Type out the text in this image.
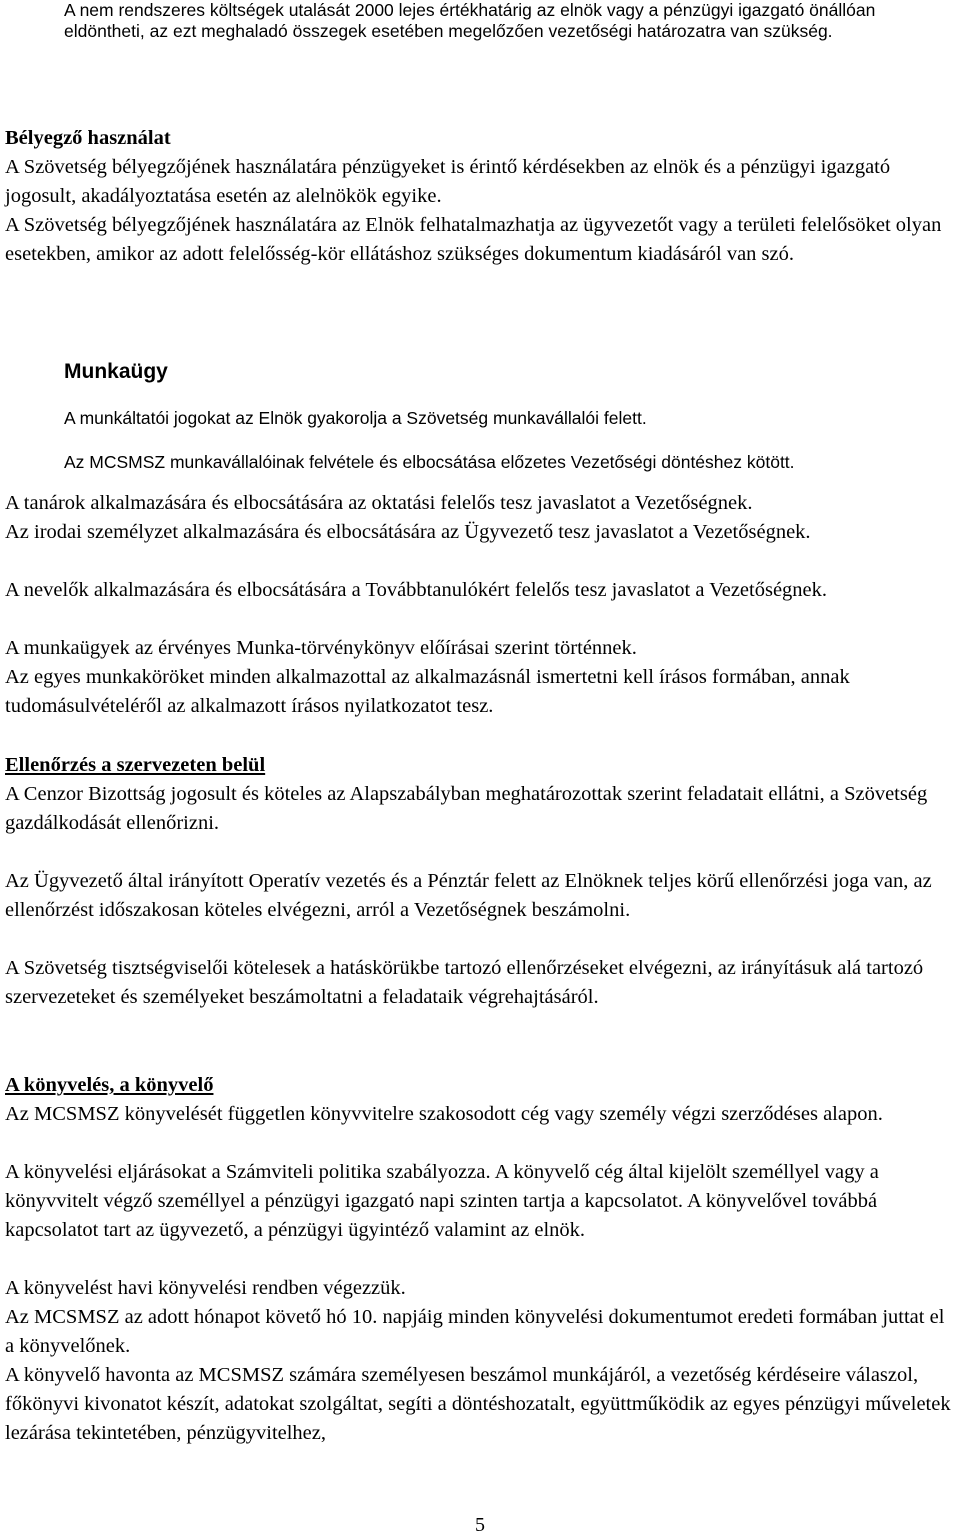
A nem rendszeres költségek utalását 2000 lejes értékhatárig az elnök vagy a pénzügyi igazgató önállóan eldöntheti, az ezt meghaladó összegek esetében megelőzően vezetőségi határozatra van szükség.
Bélyegző használat
A Szövetség bélyegzőjének használatára pénzügyeket is érintő kérdésekben az elnök és a pénzügyi igazgató jogosult, akadályoztatása esetén az alelnökök egyike.
A Szövetség bélyegzőjének használatára az Elnök felhatalmazhatja az ügyvezetőt vagy a területi felelősöket olyan esetekben, amikor az adott felelősség-kör ellátáshoz szükséges dokumentum kiadásáról van szó.
Munkaügy
A munkáltatói jogokat az Elnök gyakorolja a Szövetség munkavállalói felett.
Az MCSMSZ munkavállalóinak felvétele és elbocsátása előzetes Vezetőségi döntéshez kötött.
A tanárok alkalmazására és elbocsátására az oktatási felelős tesz javaslatot a Vezetőségnek.
Az irodai személyzet alkalmazására és elbocsátására az Ügyvezető tesz javaslatot a Vezetőségnek.
A nevelők alkalmazására és elbocsátására a Továbbtanulókért felelős tesz javaslatot a Vezetőségnek.
A munkaügyek az érvényes Munka-törvénykönyv előírásai szerint történnek.
Az egyes munkaköröket minden alkalmazottal az alkalmazásnál ismertetni kell írásos formában, annak tudomásulvételéről az alkalmazott írásos nyilatkozatot tesz.
Ellenőrzés a szervezeten belül
A Cenzor Bizottság jogosult és köteles az Alapszabályban meghatározottak szerint feladatait ellátni, a Szövetség gazdálkodását ellenőrizni.
Az Ügyvezető által irányított Operatív vezetés és a Pénztár felett az Elnöknek teljes körű ellenőrzési joga van, az ellenőrzést időszakosan köteles elvégezni, arról a Vezetőségnek beszámolni.
A Szövetség tisztségviselői kötelesek a hatáskörükbe tartozó ellenőrzéseket elvégezni, az irányításuk alá tartozó szervezeteket és személyeket beszámoltatni a feladataik végrehajtásáról.
A könyvelés, a könyvelő
Az MCSMSZ könyvelését független könyvvitelre szakosodott cég vagy személy végzi szerződéses alapon.
A könyvelési eljárásokat a Számviteli politika szabályozza. A könyvelő cég által kijelölt személlyel vagy a könyvvitelt végző személlyel a pénzügyi igazgató napi szinten tartja a kapcsolatot. A könyvelővel továbbá kapcsolatot tart az ügyvezető, a pénzügyi ügyintéző valamint az elnök.
A könyvelést havi könyvelési rendben végezzük.
Az MCSMSZ az adott hónapot követő hó 10. napjáig minden könyvelési dokumentumot eredeti formában juttat el a könyvelőnek.
A könyvelő havonta az MCSMSZ számára személyesen beszámol munkájáról, a vezetőség kérdéseire válaszol, főkönyvi kivonatot készít, adatokat szolgáltat, segíti a döntéshozatalt, együttműködik az egyes pénzügyi műveletek lezárása tekintetében, pénzügyvitelhez,
5
